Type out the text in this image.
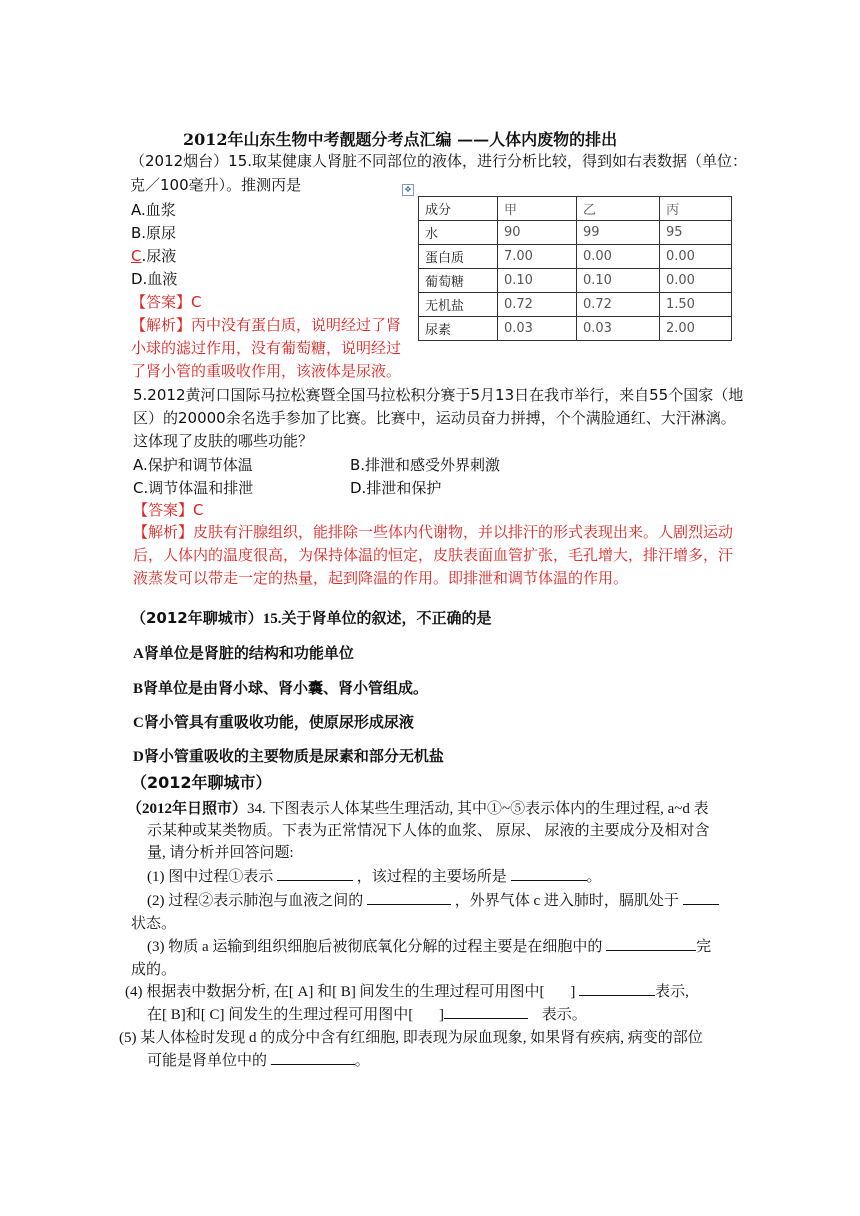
2012年山东生物中考靓题分考点汇编 ——人体内废物的排出
（2012烟台）15.取某健康人肾脏不同部位的液体，进行分析比较，得到如右表数据（单位：
克／100毫升）。推测丙是	✥
A.血浆
B.原尿
C.尿液
D.血液
【答案】C
【解析】丙中没有蛋白质，说明经过了肾
小球的滤过作用，没有葡萄糖，说明经过
了肾小管的重吸收作用，该液体是尿液。
成分	甲	乙	丙
水	90	99	95
蛋白质	7.00	0.00	0.00
葡萄糖	0.10	0.10	0.00
无机盐	0.72	0.72	1.50
尿素	0.03	0.03	2.00
5.2012黄河口国际马拉松赛暨全国马拉松积分赛于5月13日在我市举行，来自55个国家（地
区）的20000余名选手参加了比赛。比赛中，运动员奋力拼搏，个个满脸通红、大汗淋漓。
这体现了皮肤的哪些功能？
A.保护和调节体温	B.排泄和感受外界刺激
C.调节体温和排泄	D.排泄和保护
【答案】C
【解析】皮肤有汗腺组织，能排除一些体内代谢物，并以排汗的形式表现出来。人剧烈运动
后，人体内的温度很高，为保持体温的恒定，皮肤表面血管扩张，毛孔增大，排汗增多，汗
液蒸发可以带走一定的热量，起到降温的作用。即排泄和调节体温的作用。
（2012年聊城市）15.关于肾单位的叙述，不正确的是
A肾单位是肾脏的结构和功能单位
B肾单位是由肾小球、肾小囊、肾小管组成。
C肾小管具有重吸收功能，使原尿形成尿液
D肾小管重吸收的主要物质是尿素和部分无机盐
（2012年聊城市）
（2012年日照市）34. 下图表示人体某些生理活动, 其中①~⑤表示体内的生理过程, a~d 表
示某种或某类物质。下表为正常情况下人体的血浆、 原尿、 尿液的主要成分及相对含
量, 请分析并回答问题:
(1) 图中过程①表示	，该过程的主要场所是	。
(2) 过程②表示肺泡与血液之间的	，外界气体 c 进入肺时，膈肌处于
状态。
(3) 物质 a 运输到组织细胞后被彻底氧化分解的过程主要是在细胞中的	完
成的。
(4) 根据表中数据分析, 在[ A] 和[ B] 间发生的生理过程可用图中[ ]	表示,
在[ B]和[ C] 间发生的生理过程可用图中[ ]	表示。
(5) 某人体检时发现 d 的成分中含有红细胞, 即表现为尿血现象, 如果肾有疾病, 病变的部位
可能是肾单位中的	。
